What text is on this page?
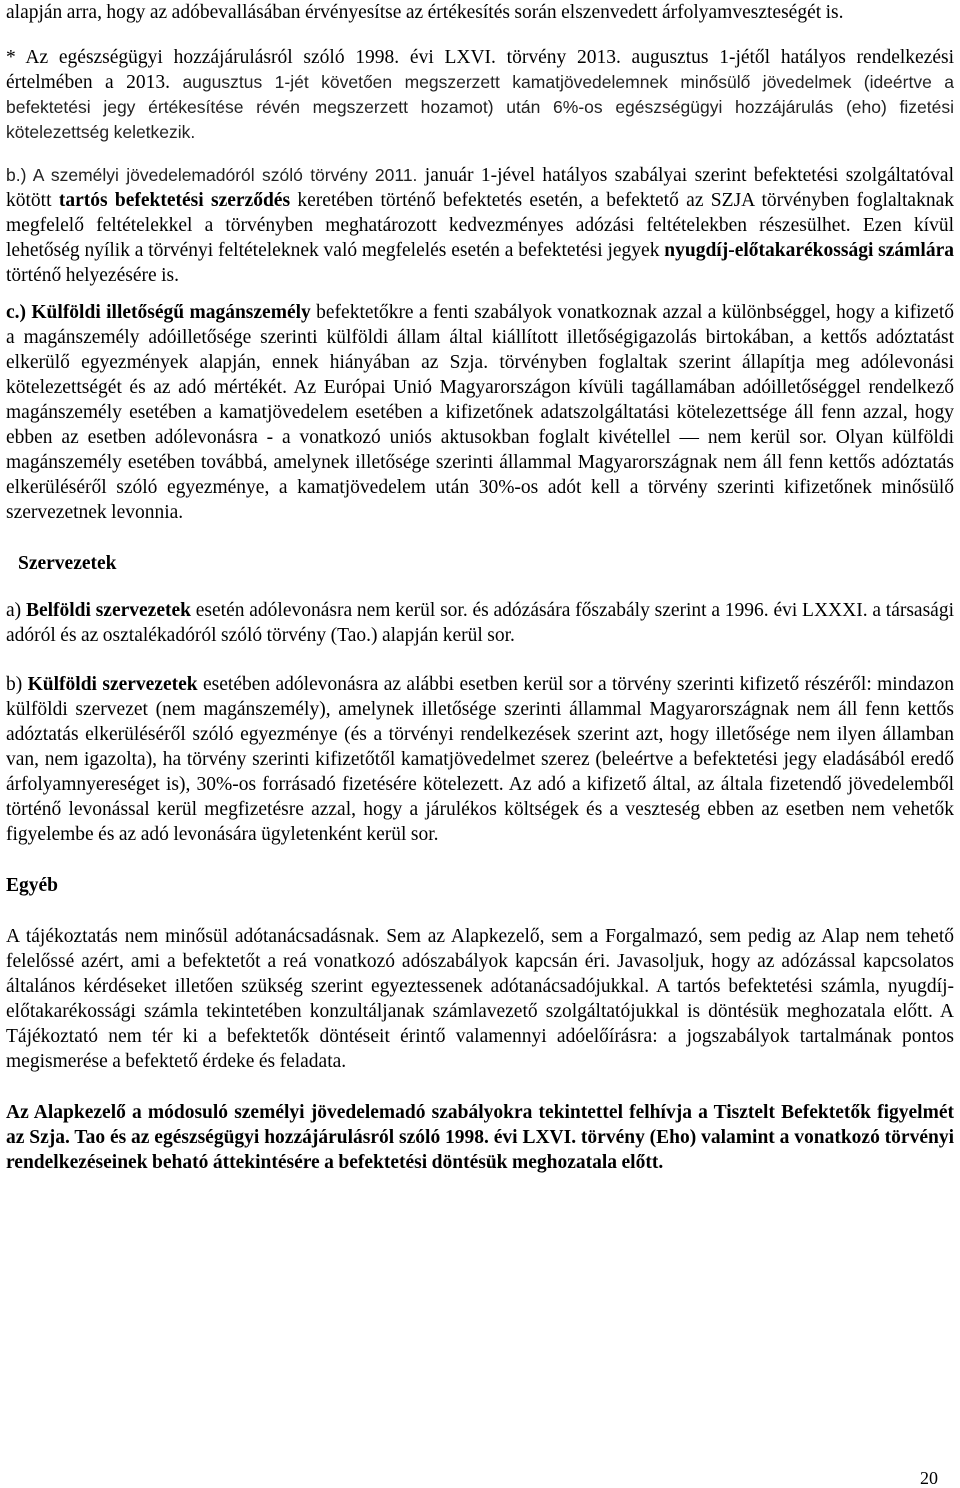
alapján arra, hogy az adóbevallásában érvényesítse az értékesítés során elszenvedett árfolyamveszteségét is.

* Az egészségügyi hozzájárulásról szóló 1998. évi LXVI. törvény 2013. augusztus 1-jétől hatályos rendelkezési értelmében a 2013. augusztus 1-jét követően megszerzett kamatjövedelemnek minősülő jövedelmek (ideértve a befektetési jegy értékesítése révén megszerzett hozamot) után 6%-os egészségügyi hozzájárulás (eho) fizetési kötelezettség keletkezik.

b.) A személyi jövedelemadóról szóló törvény 2011. január 1-jével hatályos szabályai szerint befektetési szolgáltatóval kötött tartós befektetési szerződés keretében történő befektetés esetén, a befektető az SZJA törvényben foglaltaknak megfelelő feltételekkel a törvényben meghatározott kedvezményes adózási feltételekben részesülhet. Ezen kívül lehetőség nyílik a törvényi feltételeknek való megfelelés esetén a befektetési jegyek nyugdíj-előtakarékossági számlára történő helyezésére is.

c.) Külföldi illetőségű magánszemély befektetőkre a fenti szabályok vonatkoznak azzal a különbséggel, hogy a kifizető a magánszemély adóilletősége szerinti külföldi állam által kiállított illetőségigazolás birtokában, a kettős adóztatást elkerülő egyezmények alapján, ennek hiányában az Szja. törvényben foglaltak szerint állapítja meg adólevonási kötelezettségét és az adó mértékét. Az Európai Unió Magyarországon kívüli tagállamában adóilletőséggel rendelkező magánszemély esetében a kamatjövedelem esetében a kifizetőnek adatszolgáltatási kötelezettsége áll fenn azzal, hogy ebben az esetben adólevonásra - a vonatkozó uniós aktusokban foglalt kivétellel — nem kerül sor. Olyan külföldi magánszemély esetében továbbá, amelynek illetősége szerinti állammal Magyarországnak nem áll fenn kettős adóztatás elkerüléséről szóló egyezménye, a kamatjövedelem után 30%-os adót kell a törvény szerinti kifizetőnek minősülő szervezetnek levonnia.

Szervezetek

a) Belföldi szervezetek esetén adólevonásra nem kerül sor. és adózására főszabály szerint a 1996. évi LXXXI. a társasági adóról és az osztalékadóról szóló törvény (Tao.) alapján kerül sor.

b) Külföldi szervezetek esetében adólevonásra az alábbi esetben kerül sor a törvény szerinti kifizető részéről: mindazon külföldi szervezet (nem magánszemély), amelynek illetősége szerinti állammal Magyarországnak nem áll fenn kettős adóztatás elkerüléséről szóló egyezménye (és a törvényi rendelkezések szerint azt, hogy illetősége nem ilyen államban van, nem igazolta), ha törvény szerinti kifizetőtől kamatjövedelmet szerez (beleértve a befektetési jegy eladásából eredő árfolyamnyereséget is), 30%-os forrásadó fizetésére kötelezett. Az adó a kifizető által, az általa fizetendő jövedelemből történő levonással kerül megfizetésre azzal, hogy a járulékos költségek és a veszteség ebben az esetben nem vehetők figyelembe és az adó levonására ügyletenként kerül sor.

Egyéb

A tájékoztatás nem minősül adótanácsadásnak. Sem az Alapkezelő, sem a Forgalmazó, sem pedig az Alap nem tehető felelőssé azért, ami a befektetőt a reá vonatkozó adószabályok kapcsán éri. Javasoljuk, hogy az adózással kapcsolatos általános kérdéseket illetően szükség szerint egyeztessenek adótanácsadójukkal. A tartós befektetési számla, nyugdíj-előtakarékossági számla tekintetében konzultáljanak számlavezető szolgáltatójukkal is döntésük meghozatala előtt. A Tájékoztató nem tér ki a befektetők döntéseit érintő valamennyi adóelőírásra: a jogszabályok tartalmának pontos megismerése a befektető érdeke és feladata.

Az Alapkezelő a módosuló személyi jövedelemadó szabályokra tekintettel felhívja a Tisztelt Befektetők figyelmét az Szja. Tao és az egészségügyi hozzájárulásról szóló 1998. évi LXVI. törvény (Eho) valamint a vonatkozó törvényi rendelkezéseinek beható áttekintésére a befektetési döntésük meghozatala előtt.

20
